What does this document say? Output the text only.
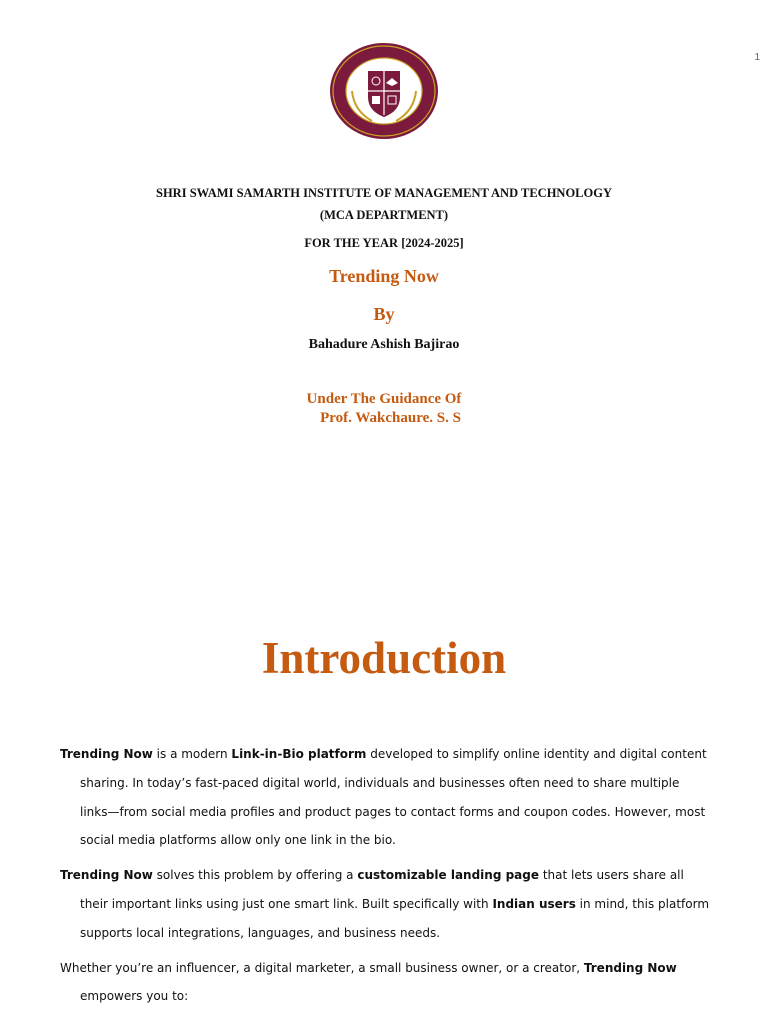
1
SHRI SWAMI SAMARTH INSTITUTE OF MANAGEMENT AND TECHNOLOGY
(MCA DEPARTMENT)
FOR THE YEAR [2024-2025]
Trending Now
By
Bahadure Ashish Bajirao
Under The Guidance Of
Prof. Wakchaure. S. S
Introduction

Trending Now is a modern Link-in-Bio platform developed to simplify online identity and digital content sharing. In today’s fast-paced digital world, individuals and businesses often need to share multiple links—from social media profiles and product pages to contact forms and coupon codes. However, most social media platforms allow only one link in the bio.

Trending Now solves this problem by offering a customizable landing page that lets users share all their important links using just one smart link. Built specifically with Indian users in mind, this platform supports local integrations, languages, and business needs.

Whether you’re an influencer, a digital marketer, a small business owner, or a creator, Trending Now empowers you to:
